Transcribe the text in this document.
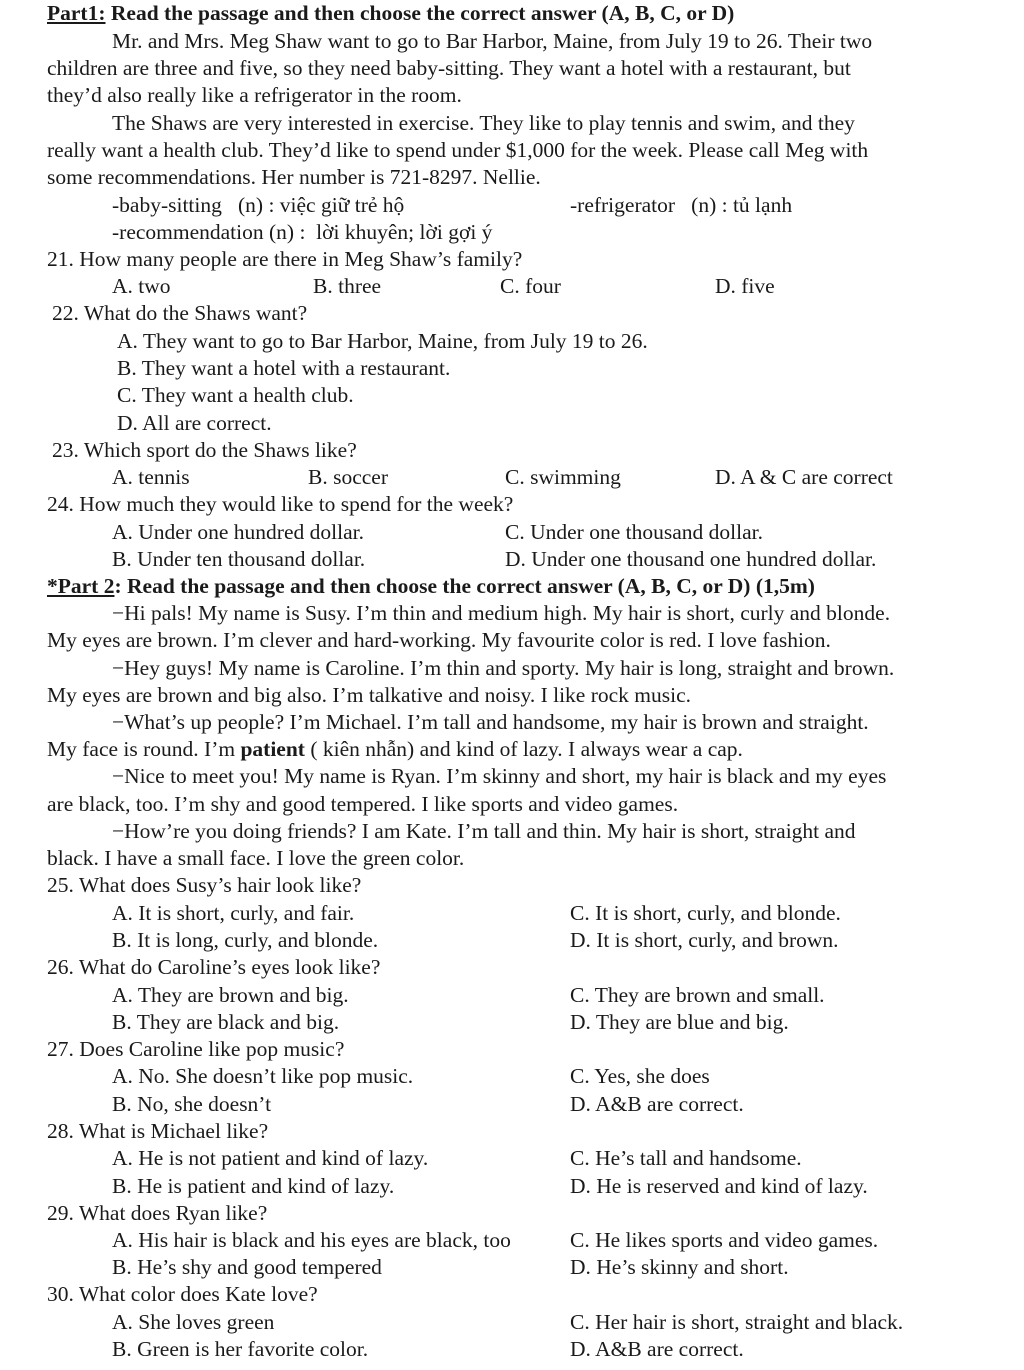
Part1: Read the passage and then choose the correct answer (A, B, C, or D)
Mr. and Mrs. Meg Shaw want to go to Bar Harbor, Maine, from July 19 to 26. Their two
children are three and five, so they need baby-sitting. They want a hotel with a restaurant, but
they’d also really like a refrigerator in the room.
The Shaws are very interested in exercise. They like to play tennis and swim, and they
really want a health club. They’d like to spend under $1,000 for the week. Please call Meg with
some recommendations. Her number is 721-8297. Nellie.
-baby-sitting   (n) : việc giữ trẻ hộ	-refrigerator   (n) : tủ lạnh
-recommendation (n) :  lời khuyên; lời gợi ý
21. How many people are there in Meg Shaw’s family?
A. two	B. three	C. four	D. five
22. What do the Shaws want?
A. They want to go to Bar Harbor, Maine, from July 19 to 26.
B. They want a hotel with a restaurant.
C. They want a health club.
D. All are correct.
23. Which sport do the Shaws like?
A. tennis	B. soccer	C. swimming	D. A & C are correct
24. How much they would like to spend for the week?
A. Under one hundred dollar.	C. Under one thousand dollar.
B. Under ten thousand dollar.	D. Under one thousand one hundred dollar.
*Part 2: Read the passage and then choose the correct answer (A, B, C, or D) (1,5m)
−Hi pals! My name is Susy. I’m thin and medium high. My hair is short, curly and blonde.
My eyes are brown. I’m clever and hard-working. My favourite color is red. I love fashion.
−Hey guys! My name is Caroline. I’m thin and sporty. My hair is long, straight and brown.
My eyes are brown and big also. I’m talkative and noisy. I like rock music.
−What’s up people? I’m Michael. I’m tall and handsome, my hair is brown and straight.
My face is round. I’m patient ( kiên nhẫn) and kind of lazy. I always wear a cap.
−Nice to meet you! My name is Ryan. I’m skinny and short, my hair is black and my eyes
are black, too. I’m shy and good tempered. I like sports and video games.
−How’re you doing friends? I am Kate. I’m tall and thin. My hair is short, straight and
black. I have a small face. I love the green color.
25. What does Susy’s hair look like?
A. It is short, curly, and fair.	C. It is short, curly, and blonde.
B. It is long, curly, and blonde.	D. It is short, curly, and brown.
26. What do Caroline’s eyes look like?
A. They are brown and big.	C. They are brown and small.
B. They are black and big.	D. They are blue and big.
27. Does Caroline like pop music?
A. No. She doesn’t like pop music.	C. Yes, she does
B. No, she doesn’t	D. A&B are correct.
28. What is Michael like?
A. He is not patient and kind of lazy.	C. He’s tall and handsome.
B. He is patient and kind of lazy.	D. He is reserved and kind of lazy.
29. What does Ryan like?
A. His hair is black and his eyes are black, too	C. He likes sports and video games.
B. He’s shy and good tempered	D. He’s skinny and short.
30. What color does Kate love?
A. She loves green	C. Her hair is short, straight and black.
B. Green is her favorite color.	D. A&B are correct.
